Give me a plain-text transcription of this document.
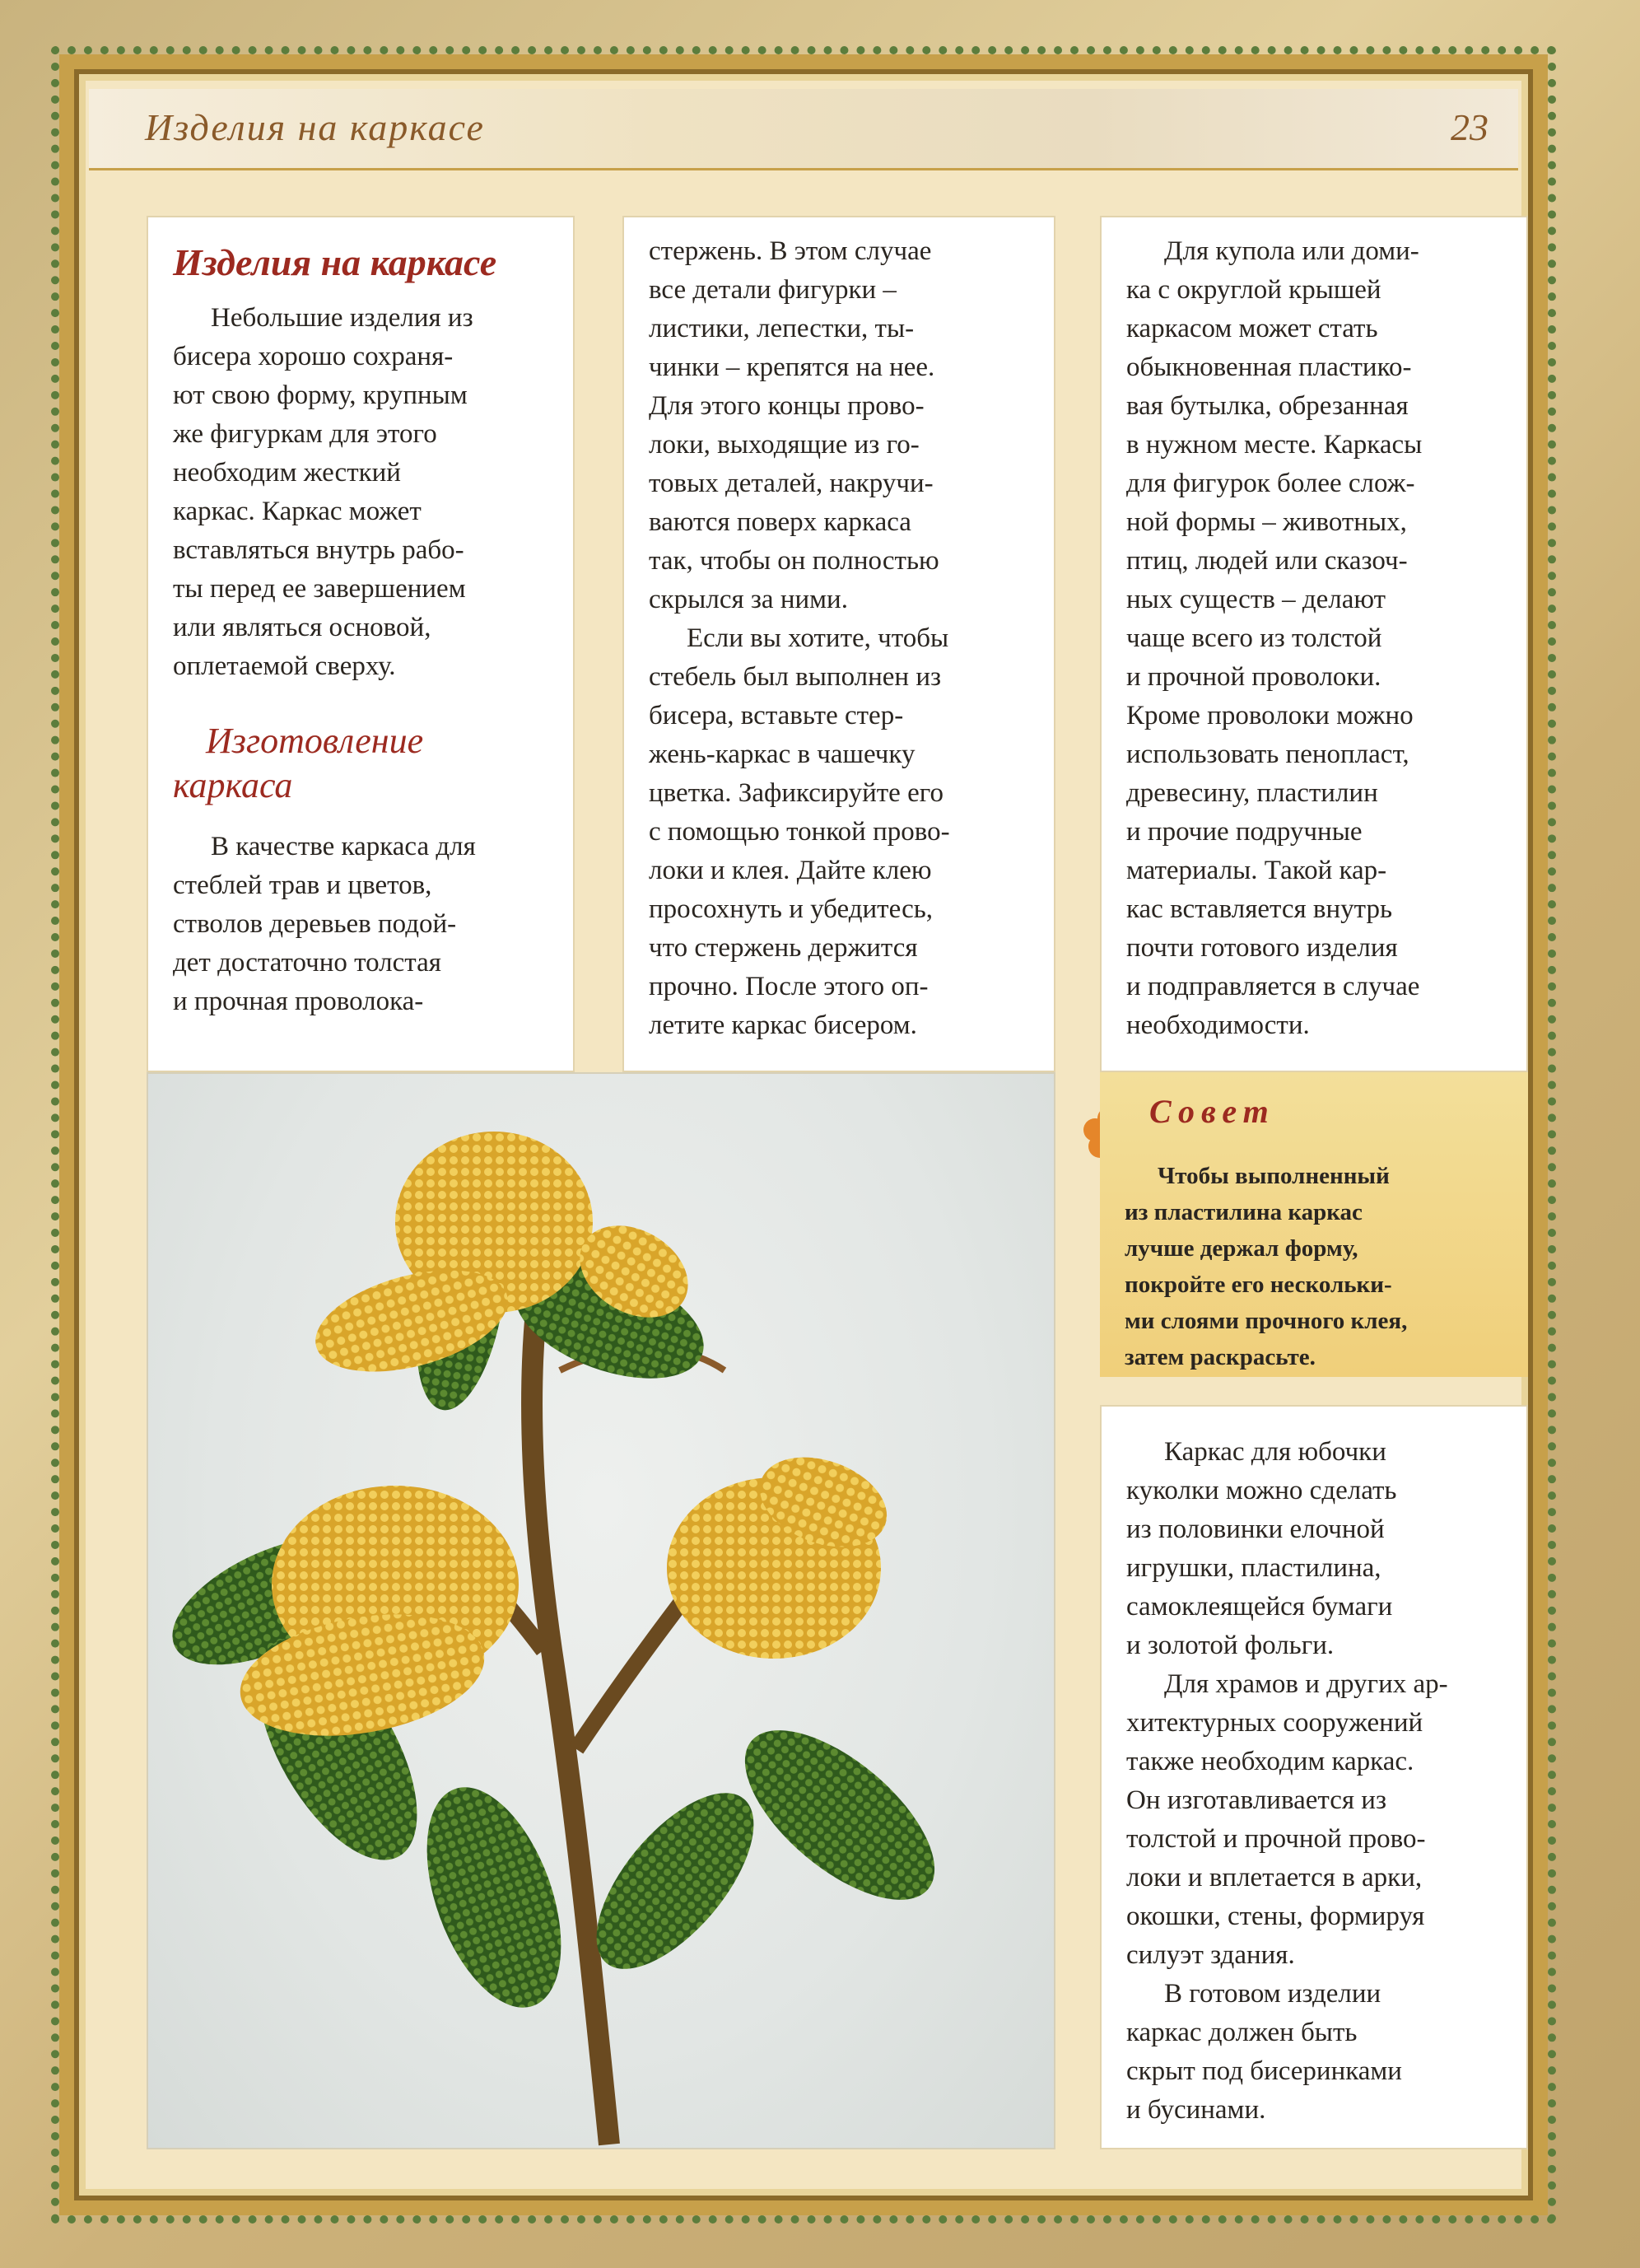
Изделия на каркасе	23
Изделия на каркасе
Небольшие изделия из
бисера хорошо сохраня-
ют свою форму, крупным
же фигуркам для этого
необходим жесткий
каркас. Каркас может
вставляться внутрь рабо-
ты перед ее завершением
или являться основой,
оплетаемой сверху.
Изготовление
каркаса
В качестве каркаса для
стеблей трав и цветов,
стволов деревьев подой-
дет достаточно толстая
и прочная проволока-
стержень. В этом случае
все детали фигурки –
листики, лепестки, ты-
чинки – крепятся на нее.
Для этого концы прово-
локи, выходящие из го-
товых деталей, накручи-
ваются поверх каркаса
так, чтобы он полностью
скрылся за ними.
Если вы хотите, чтобы
стебель был выполнен из
бисера, вставьте стер-
жень-каркас в чашечку
цветка. Зафиксируйте его
с помощью тонкой прово-
локи и клея. Дайте клею
просохнуть и убедитесь,
что стержень держится
прочно. После этого оп-
летите каркас бисером.
Для купола или доми-
ка с округлой крышей
каркасом может стать
обыкновенная пластико-
вая бутылка, обрезанная
в нужном месте. Каркасы
для фигурок более слож-
ной формы – животных,
птиц, людей или сказоч-
ных существ – делают
чаще всего из толстой
и прочной проволоки.
Кроме проволоки можно
использовать пенопласт,
древесину, пластилин
и прочие подручные
материалы. Такой кар-
кас вставляется внутрь
почти готового изделия
и подправляется в случае
необходимости.
Совет
Чтобы выполненный
из пластилина каркас
лучше держал форму,
покройте его нескольки-
ми слоями прочного клея,
затем раскрасьте.
Каркас для юбочки
куколки можно сделать
из половинки елочной
игрушки, пластилина,
самоклеящейся бумаги
и золотой фольги.
Для храмов и других ар-
хитектурных сооружений
также необходим каркас.
Он изготавливается из
толстой и прочной прово-
локи и вплетается в арки,
окошки, стены, формируя
силуэт здания.
В готовом изделии
каркас должен быть
скрыт под бисеринками
и бусинами.
